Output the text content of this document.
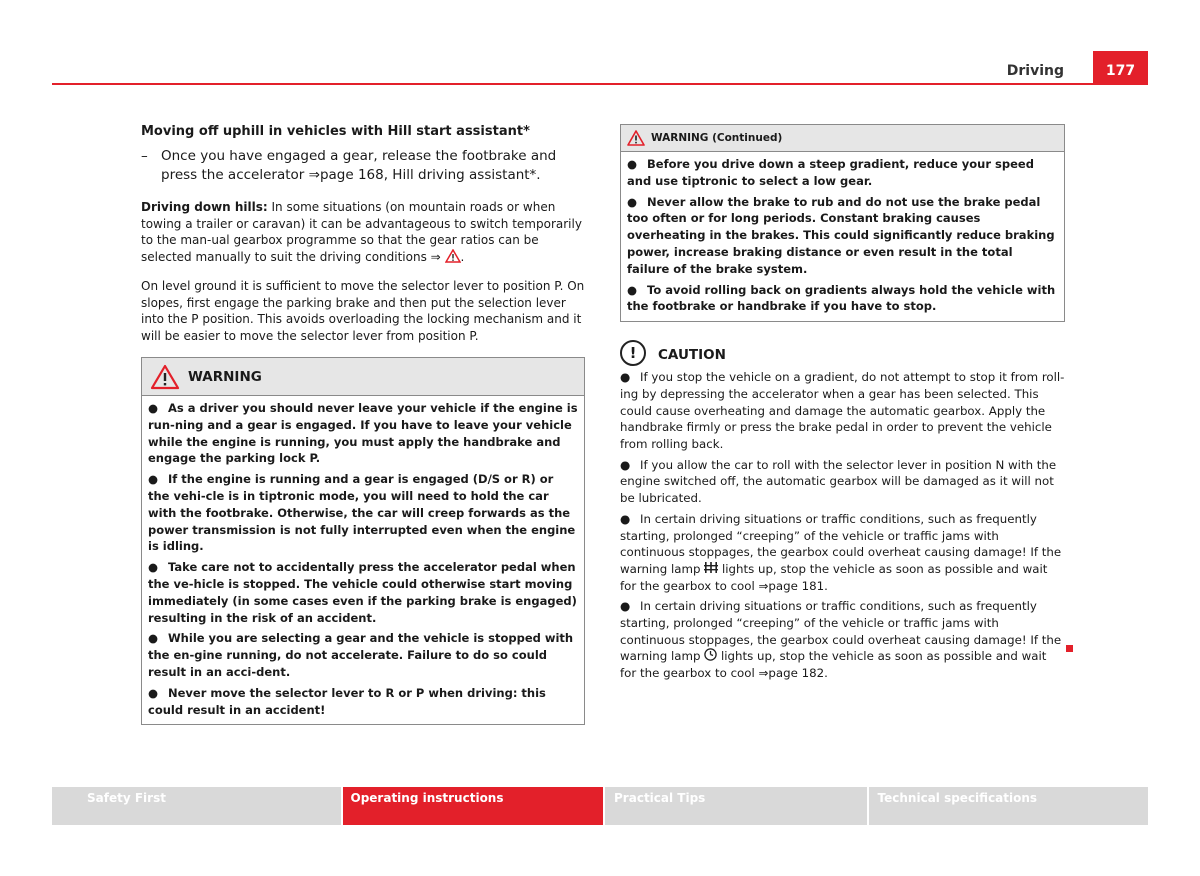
Driving	177
Moving off uphill in vehicles with Hill start assistant*
– Once you have engaged a gear, release the footbrake and press the accelerator ⇒page 168, Hill driving assistant*.
Driving down hills: In some situations (on mountain roads or when towing a trailer or caravan) it can be advantageous to switch temporarily to the man-ual gearbox programme so that the gear ratios can be selected manually to suit the driving conditions ⇒ .
On level ground it is sufficient to move the selector lever to position P. On slopes, first engage the parking brake and then put the selection lever into the P position. This avoids overloading the locking mechanism and it will be easier to move the selector lever from position P.
WARNING
● As a driver you should never leave your vehicle if the engine is run-ning and a gear is engaged. If you have to leave your vehicle while the engine is running, you must apply the handbrake and engage the parking lock P.
● If the engine is running and a gear is engaged (D/S or R) or the vehi-cle is in tiptronic mode, you will need to hold the car with the footbrake. Otherwise, the car will creep forwards as the power transmission is not fully interrupted even when the engine is idling.
● Take care not to accidentally press the accelerator pedal when the ve-hicle is stopped. The vehicle could otherwise start moving immediately (in some cases even if the parking brake is engaged) resulting in the risk of an accident.
● While you are selecting a gear and the vehicle is stopped with the en-gine running, do not accelerate. Failure to do so could result in an acci-dent.
● Never move the selector lever to R or P when driving: this could result in an accident!
WARNING (Continued)
● Before you drive down a steep gradient, reduce your speed and use tiptronic to select a low gear.
● Never allow the brake to rub and do not use the brake pedal too often or for long periods. Constant braking causes overheating in the brakes. This could significantly reduce braking power, increase braking distance or even result in the total failure of the brake system.
● To avoid rolling back on gradients always hold the vehicle with the footbrake or handbrake if you have to stop.
!	CAUTION
● If you stop the vehicle on a gradient, do not attempt to stop it from roll-ing by depressing the accelerator when a gear has been selected. This could cause overheating and damage the automatic gearbox. Apply the handbrake firmly or press the brake pedal in order to prevent the vehicle from rolling back.
● If you allow the car to roll with the selector lever in position N with the engine switched off, the automatic gearbox will be damaged as it will not be lubricated.
● In certain driving situations or traffic conditions, such as frequently starting, prolonged “creeping” of the vehicle or traffic jams with continuous stoppages, the gearbox could overheat causing damage! If the warning lamp  lights up, stop the vehicle as soon as possible and wait for the gearbox to cool ⇒page 181.
● In certain driving situations or traffic conditions, such as frequently starting, prolonged “creeping” of the vehicle or traffic jams with continuous stoppages, the gearbox could overheat causing damage! If the warning lamp  lights up, stop the vehicle as soon as possible and wait for the gearbox to cool ⇒page 182.
Safety First	Operating instructions	Practical Tips	Technical specifications
